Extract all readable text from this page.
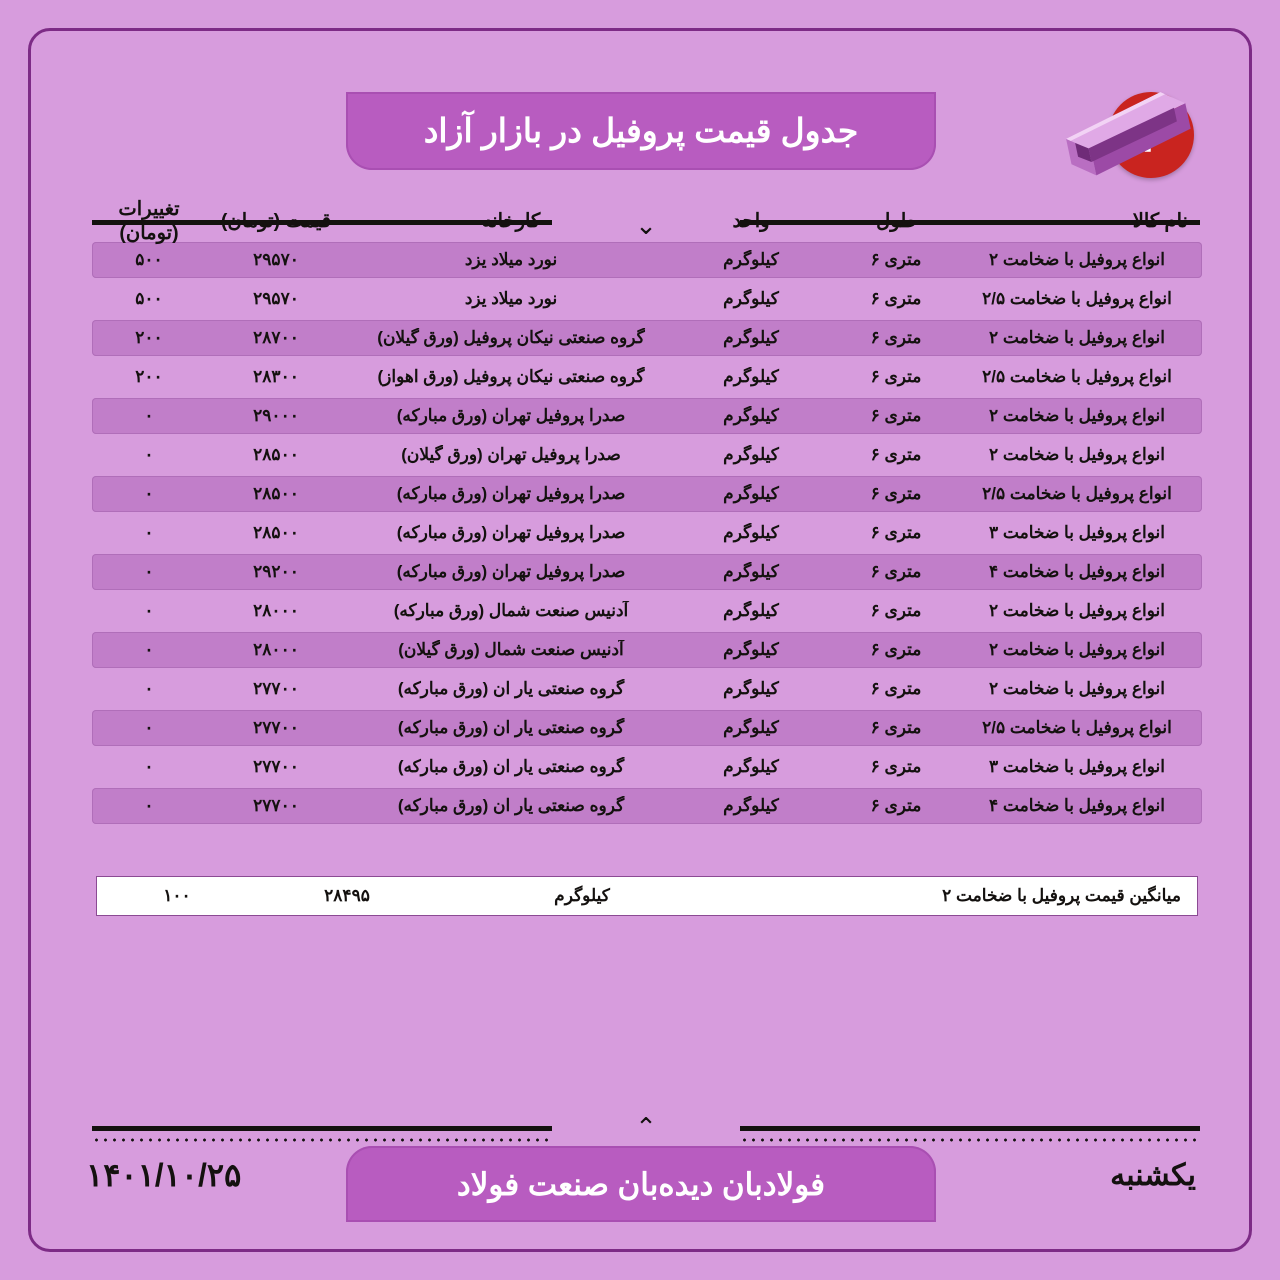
جدول قیمت پروفیل در بازار آزاد
⌄	نام کالا
طول
واحد
کارخانه
قیمت (تومان)
تغییرات (تومان)
انواع پروفیل با ضخامت ۲
متری ۶
کیلوگرم
نورد میلاد یزد
۲۹۵۷۰
۵۰۰
انواع پروفیل با ضخامت ۲/۵
متری ۶
کیلوگرم
نورد میلاد یزد
۲۹۵۷۰
۵۰۰
انواع پروفیل با ضخامت ۲
متری ۶
کیلوگرم
گروه صنعتی نیکان پروفیل (ورق گیلان)
۲۸۷۰۰
۲۰۰
انواع پروفیل با ضخامت ۲/۵
متری ۶
کیلوگرم
گروه صنعتی نیکان پروفیل (ورق اهواز)
۲۸۳۰۰
۲۰۰
انواع پروفیل با ضخامت ۲
متری ۶
کیلوگرم
صدرا پروفیل تهران (ورق مبارکه)
۲۹۰۰۰
۰
انواع پروفیل با ضخامت ۲
متری ۶
کیلوگرم
صدرا پروفیل تهران (ورق گیلان)
۲۸۵۰۰
۰
انواع پروفیل با ضخامت ۲/۵
متری ۶
کیلوگرم
صدرا پروفیل تهران (ورق مبارکه)
۲۸۵۰۰
۰
انواع پروفیل با ضخامت ۳
متری ۶
کیلوگرم
صدرا پروفیل تهران (ورق مبارکه)
۲۸۵۰۰
۰
انواع پروفیل با ضخامت ۴
متری ۶
کیلوگرم
صدرا پروفیل تهران (ورق مبارکه)
۲۹۲۰۰
۰
انواع پروفیل با ضخامت ۲
متری ۶
کیلوگرم
آدنیس صنعت شمال (ورق مبارکه)
۲۸۰۰۰
۰
انواع پروفیل با ضخامت ۲
متری ۶
کیلوگرم
آدنیس صنعت شمال (ورق گیلان)
۲۸۰۰۰
۰
انواع پروفیل با ضخامت ۲
متری ۶
کیلوگرم
گروه صنعتی یار ان (ورق مبارکه)
۲۷۷۰۰
۰
انواع پروفیل با ضخامت ۲/۵
متری ۶
کیلوگرم
گروه صنعتی یار ان (ورق مبارکه)
۲۷۷۰۰
۰
انواع پروفیل با ضخامت ۳
متری ۶
کیلوگرم
گروه صنعتی یار ان (ورق مبارکه)
۲۷۷۰۰
۰
انواع پروفیل با ضخامت ۴
متری ۶
کیلوگرم
گروه صنعتی یار ان (ورق مبارکه)
۲۷۷۰۰
۰
میانگین قیمت پروفیل با ضخامت ۲
کیلوگرم
۲۸۴۹۵
۱۰۰
⌃
فولادبان دیده‌بان صنعت فولاد	یکشنبه
۱۴۰۱/۱۰/۲۵
